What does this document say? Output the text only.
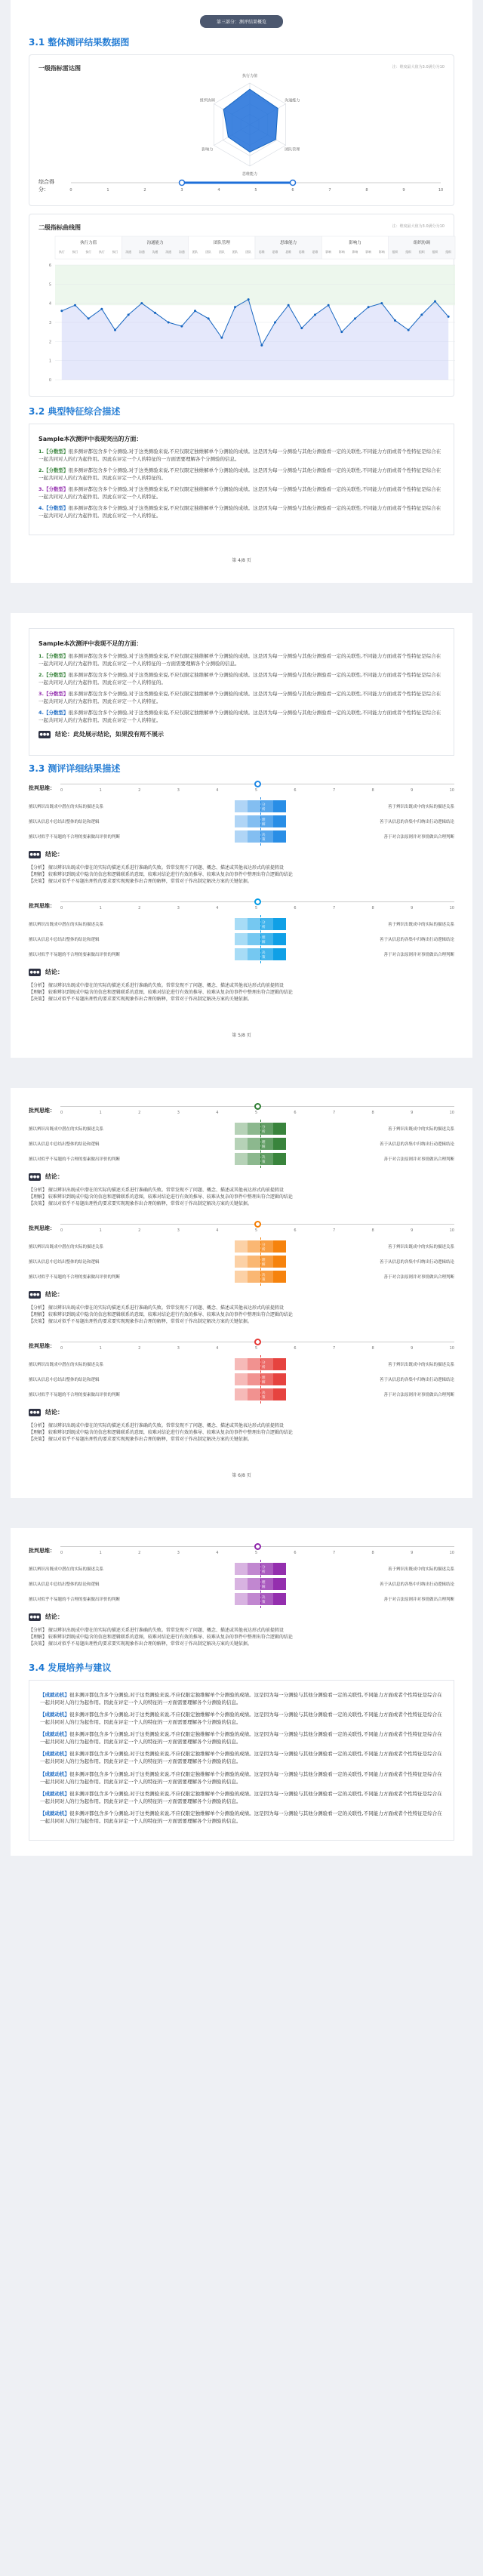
第三部分：测评结果概览
3.1 整体测评结果数据图
一级指标雷达图	注：维度最大值为3.0满分为10
执行力值
沟通能力
团队管理
思维能力
影响力
组织协调
综合得分：	0	1	2	3	4	5	6	7	8	9	10
二级指标曲线图	注：维度最大值为3.0满分为10
执行力值
执行	执行	执行	执行	执行
沟通能力
沟通	沟通	沟通	沟通	沟通
团队管理
团队	团队	团队	团队	团队
思维能力
思维	思维	思维	思维	思维
影响力
影响	影响	影响	影响	影响
组织协调
组织	组织	组织	组织	组织
0
1
2
3
4
5
6
3.2 典型特征综合描述
Sample本次测评中表现突出的方面：
1.【分数型】很多测评都包含多个分测验,对于这类测验来说,不应仅限定独维解单个分测验的成绩。这是因为每一分测验与其他分测验看一定的关联性,不同能力方面或者个性特征是综合在一起共同对人的行为起作用。因此在评定一个人的特征的一方面需要理解各个分测验的信息。
2.【分数型】很多测评都包含多个分测验,对于这类测验来说,不应仅限定独维解单个分测验的成绩。这是因为每一分测验与其他分测验看一定的关联性,不同能力方面或者个性特征是综合在一起共同对人的行为起作用。因此在评定一个人的特征的。
3.【分数型】很多测评都包含多个分测验,对于这类测验来说,不应仅限定独维解单个分测验的成绩。这是因为每一分测验与其他分测验看一定的关联性,不同能力方面或者个性特征是综合在一起共同对人的行为起作用。因此在评定一个人的特征。
4.【分数型】很多测评都包含多个分测验,对于这类测验来说,不应仅限定独维解单个分测验的成绩。这是因为每一分测验与其他分测验看一定的关联性,不同能力方面或者个性特征是综合在一起共同对人的行为起作用。因此在评定一个人的特征。
第 4/8 页
Sample本次测评中表现不足的方面：
1.【分数型】很多测评都包含多个分测验,对于这类测验来说,不应仅限定独维解单个分测验的成绩。这是因为每一分测验与其他分测验看一定的关联性,不同能力方面或者个性特征是综合在一起共同对人的行为起作用。因此在评定一个人的特征的一方面需要理解各个分测验的信息。
2.【分数型】很多测评都包含多个分测验,对于这类测验来说,不应仅限定独维解单个分测验的成绩。这是因为每一分测验与其他分测验看一定的关联性,不同能力方面或者个性特征是综合在一起共同对人的行为起作用。因此在评定一个人的特征的。
3.【分数型】很多测评都包含多个分测验,对于这类测验来说,不应仅限定独维解单个分测验的成绩。这是因为每一分测验与其他分测验看一定的关联性,不同能力方面或者个性特征是综合在一起共同对人的行为起作用。因此在评定一个人的特征。
4.【分数型】很多测评都包含多个分测验,对于这类测验来说,不应仅限定独维解单个分测验的成绩。这是因为每一分测验与其他分测验看一定的关联性,不同能力方面或者个性特征是综合在一起共同对人的行为起作用。因此在评定一个人的特征。
●●● 结论：此处展示结论，如果没有则不展示
3.3 测评详细结果描述
批判思维：	0	1	2	3	4	5	6	7	8	9	10
擅以辨识出既成中潜在的实际的描述关系	分析
善于辨识出既成中的实际的描述关系
擅以从信息中总结出整体的结论和逻辑	理解
善于从信息的各集中归纳出行动逻辑结论
擅以对似乎不易题的不合理的要素做出评价的判断	决策
善于对合法原则并对事情做出合理判断
●●● 结论：
【分析】 擅以辨识出既成中潜在的实际的描述关系进行准确的失败。常常发现不了问题、概念、描述或其他表达形式的前提假设
【理解】 较难辨识到既成中隐含的信息和逻辑联系的意图，较难对结论进行有效的推导、较难从复杂的事件中整理出符合逻辑的结论
【决策】 擅以对似乎不易题出理性的要求要实现现象作出合理的解释，常常对于作出制定解决方案的关键依据。
批判思维：	0	1	2	3	4	5	6	7	8	9	10
擅以辨识出既成中潜在的实际的描述关系	分析
善于辨识出既成中的实际的描述关系
擅以从信息中总结出整体的结论和逻辑	理解
善于从信息的各集中归纳出行动逻辑结论
擅以对似乎不易题的不合理的要素做出评价的判断	决策
善于对合法原则并对事情做出合理判断
●●● 结论：
【分析】 擅以辨识出既成中潜在的实际的描述关系进行准确的失败。常常发现不了问题、概念、描述或其他表达形式的前提假设
【理解】 较难辨识到既成中隐含的信息和逻辑联系的意图，较难对结论进行有效的推导、较难从复杂的事件中整理出符合逻辑的结论
【决策】 擅以对似乎不易题出理性的要求要实现现象作出合理的解释，常常对于作出制定解决方案的关键依据。
第 5/8 页
批判思维：	0	1	2	3	4	5	6	7	8	9	10
擅以辨识出既成中潜在的实际的描述关系	分析
善于辨识出既成中的实际的描述关系
擅以从信息中总结出整体的结论和逻辑	理解
善于从信息的各集中归纳出行动逻辑结论
擅以对似乎不易题的不合理的要素做出评价的判断	决策
善于对合法原则并对事情做出合理判断
●●● 结论：
【分析】 擅以辨识出既成中潜在的实际的描述关系进行准确的失败。常常发现不了问题、概念、描述或其他表达形式的前提假设
【理解】 较难辨识到既成中隐含的信息和逻辑联系的意图，较难对结论进行有效的推导、较难从复杂的事件中整理出符合逻辑的结论
【决策】 擅以对似乎不易题出理性的要求要实现现象作出合理的解释，常常对于作出制定解决方案的关键依据。
批判思维：	0	1	2	3	4	5	6	7	8	9	10
擅以辨识出既成中潜在的实际的描述关系	分析
善于辨识出既成中的实际的描述关系
擅以从信息中总结出整体的结论和逻辑	理解
善于从信息的各集中归纳出行动逻辑结论
擅以对似乎不易题的不合理的要素做出评价的判断	决策
善于对合法原则并对事情做出合理判断
●●● 结论：
【分析】 擅以辨识出既成中潜在的实际的描述关系进行准确的失败。常常发现不了问题、概念、描述或其他表达形式的前提假设
【理解】 较难辨识到既成中隐含的信息和逻辑联系的意图，较难对结论进行有效的推导、较难从复杂的事件中整理出符合逻辑的结论
【决策】 擅以对似乎不易题出理性的要求要实现现象作出合理的解释，常常对于作出制定解决方案的关键依据。
批判思维：	0	1	2	3	4	5	6	7	8	9	10
擅以辨识出既成中潜在的实际的描述关系	分析
善于辨识出既成中的实际的描述关系
擅以从信息中总结出整体的结论和逻辑	理解
善于从信息的各集中归纳出行动逻辑结论
擅以对似乎不易题的不合理的要素做出评价的判断	决策
善于对合法原则并对事情做出合理判断
●●● 结论：
【分析】 擅以辨识出既成中潜在的实际的描述关系进行准确的失败。常常发现不了问题、概念、描述或其他表达形式的前提假设
【理解】 较难辨识到既成中隐含的信息和逻辑联系的意图，较难对结论进行有效的推导、较难从复杂的事件中整理出符合逻辑的结论
【决策】 擅以对似乎不易题出理性的要求要实现现象作出合理的解释，常常对于作出制定解决方案的关键依据。
第 6/8 页
批判思维：	0	1	2	3	4	5	6	7	8	9	10
擅以辨识出既成中潜在的实际的描述关系	分析
善于辨识出既成中的实际的描述关系
擅以从信息中总结出整体的结论和逻辑	理解
善于从信息的各集中归纳出行动逻辑结论
擅以对似乎不易题的不合理的要素做出评价的判断	决策
善于对合法原则并对事情做出合理判断
●●● 结论：
【分析】 擅以辨识出既成中潜在的实际的描述关系进行准确的失败。常常发现不了问题、概念、描述或其他表达形式的前提假设
【理解】 较难辨识到既成中隐含的信息和逻辑联系的意图，较难对结论进行有效的推导、较难从复杂的事件中整理出符合逻辑的结论
【决策】 擅以对似乎不易题出理性的要求要实现现象作出合理的解释，常常对于作出制定解决方案的关键依据。
3.4 发展培养与建议
【成就动机】很多测评都包含多个分测验,对于这类测验来说,不应仅限定独维解单个分测验的成绩。这是因为每一分测验与其他分测验看一定的关联性,不同能力方面或者个性特征是综合在一起共同对人的行为起作用。因此在评定一个人的特征的一方面需要理解各个分测验的信息。
【成就动机】很多测评都包含多个分测验,对于这类测验来说,不应仅限定独维解单个分测验的成绩。这是因为每一分测验与其他分测验看一定的关联性,不同能力方面或者个性特征是综合在一起共同对人的行为起作用。因此在评定一个人的特征的一方面需要理解各个分测验的信息。
【成就动机】很多测评都包含多个分测验,对于这类测验来说,不应仅限定独维解单个分测验的成绩。这是因为每一分测验与其他分测验看一定的关联性,不同能力方面或者个性特征是综合在一起共同对人的行为起作用。因此在评定一个人的特征的一方面需要理解各个分测验的信息。
【成就动机】很多测评都包含多个分测验,对于这类测验来说,不应仅限定独维解单个分测验的成绩。这是因为每一分测验与其他分测验看一定的关联性,不同能力方面或者个性特征是综合在一起共同对人的行为起作用。因此在评定一个人的特征的一方面需要理解各个分测验的信息。
【成就动机】很多测评都包含多个分测验,对于这类测验来说,不应仅限定独维解单个分测验的成绩。这是因为每一分测验与其他分测验看一定的关联性,不同能力方面或者个性特征是综合在一起共同对人的行为起作用。因此在评定一个人的特征的一方面需要理解各个分测验的信息。
【成就动机】很多测评都包含多个分测验,对于这类测验来说,不应仅限定独维解单个分测验的成绩。这是因为每一分测验与其他分测验看一定的关联性,不同能力方面或者个性特征是综合在一起共同对人的行为起作用。因此在评定一个人的特征的一方面需要理解各个分测验的信息。
【成就动机】很多测评都包含多个分测验,对于这类测验来说,不应仅限定独维解单个分测验的成绩。这是因为每一分测验与其他分测验看一定的关联性,不同能力方面或者个性特征是综合在一起共同对人的行为起作用。因此在评定一个人的特征的一方面需要理解各个分测验的信息。
